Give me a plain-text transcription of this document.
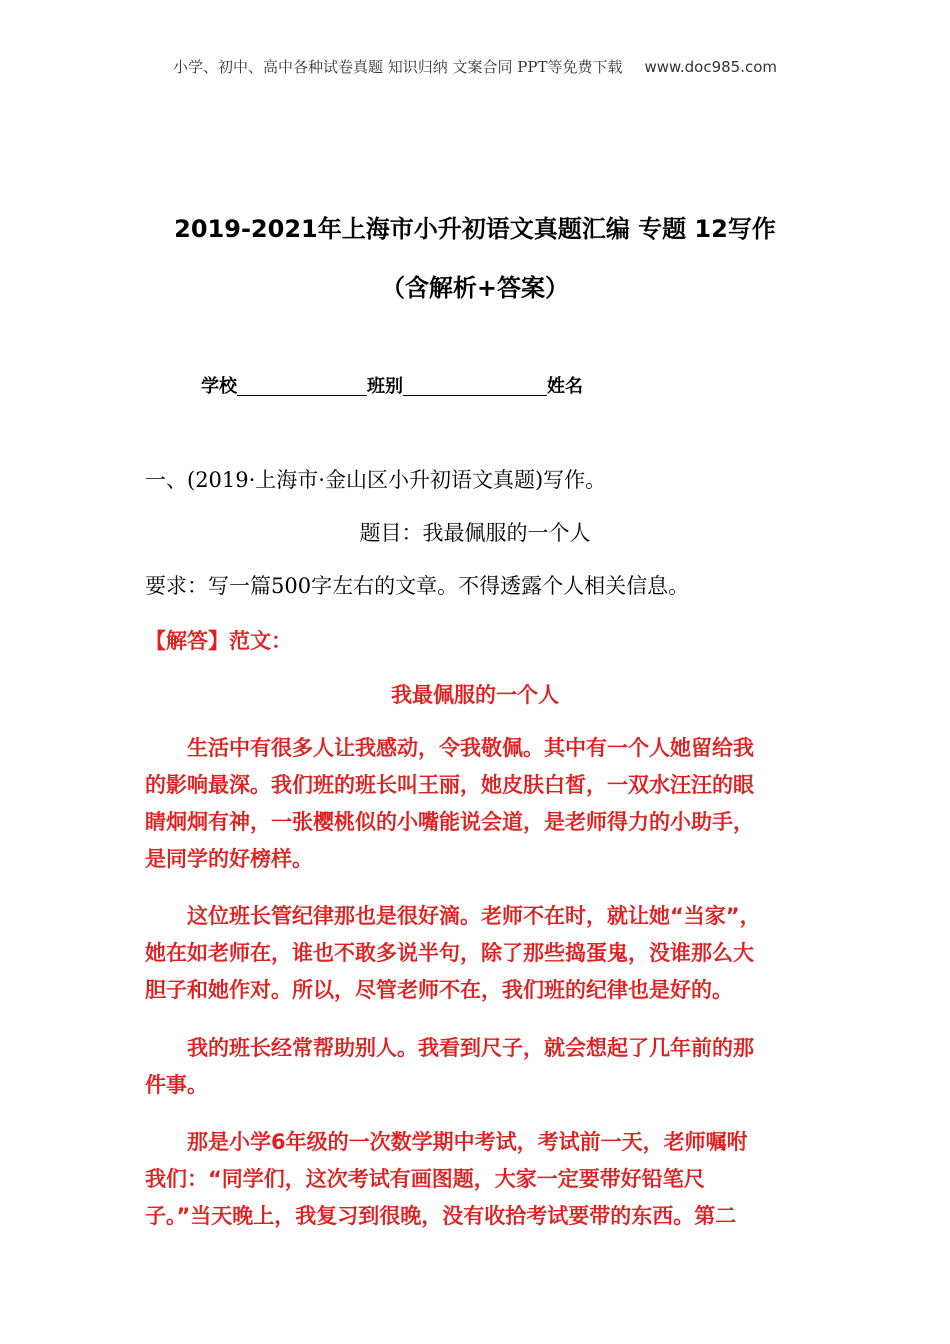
小学、初中、高中各种试卷真题 知识归纳 文案合同 PPT等免费下载 www.doc985.com
2019-2021年上海市小升初语文真题汇编 专题 12写作
（含解析+答案）
学校	班别	姓名
一、(2019·上海市·金山区小升初语文真题)写作。
题目：我最佩服的一个人
要求：写一篇500字左右的文章。不得透露个人相关信息。
【解答】范文：
我最佩服的一个人
　　生活中有很多人让我感动，令我敬佩。其中有一个人她留给我
的影响最深。我们班的班长叫王丽，她皮肤白皙，一双水汪汪的眼
睛炯炯有神，一张樱桃似的小嘴能说会道，是老师得力的小助手，
是同学的好榜样。
　　这位班长管纪律那也是很好滴。老师不在时，就让她“当家”，
她在如老师在，谁也不敢多说半句，除了那些捣蛋鬼，没谁那么大
胆子和她作对。所以，尽管老师不在，我们班的纪律也是好的。
　　我的班长经常帮助别人。我看到尺子，就会想起了几年前的那
件事。
　　那是小学6年级的一次数学期中考试，考试前一天，老师嘱咐
我们：“同学们，这次考试有画图题，大家一定要带好铅笔尺
子。”当天晚上，我复习到很晚，没有收拾考试要带的东西。第二
